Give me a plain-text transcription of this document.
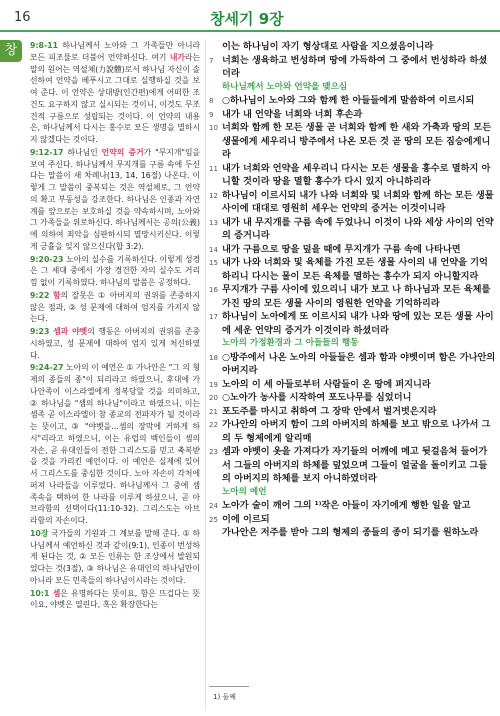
16	창세기 9장
창	9:8-11 하나님께서 노아와 그 가족들만 아니라 모든 피조물로 더불어 언약하신다. 여기 내가라는 말의 원어는 역설체(力說體)로서 하나님 자신이 솔선하여 언약을 베푸시고 그대로 실행하실 것을 보여 준다. 이 언약은 상대방(인간편)에게 어떠한 조건도 요구하지 않고 실시되는 것이니, 이것도 무조건적 구름으로 성립되는 것이다. 이 언약의 내용은, 하나님께서 다시는 홍수로 모든 생명을 멸하시지 않겠다는 것이다.

9:12-17 하나님인 언약의 증거가 "무지개"임을 보여 주신다. 하나님께서 무지개를 구름 속에 두신다는 말씀이 새 차례나(13, 14, 16절) 나온다. 이렇게 그 말씀이 중복되는 것은 역설체로, 그 언약의 확고 부동성을 강조한다. 하나님은 인종과 자연계를 앞으로는 보호하실 것을 약속하시며, 노아와 그 가족들을 위로하신다. 하나님께서는 공의(公義)에 의하여 죄악을 심판하시되 멸망시키신다. 이렇게 긍휼을 잊지 않으신다(합 3:2).

9:20-23 노아의 실수를 기록하신다. 이렇게 성경은 그 세대 중에서 가장 경건한 자의 실수도 거리낌 없이 기록하였다. 하나님의 말씀은 공정하다.

9:22 함의 잘못은 ① 아버지의 권위를 존중하지 않은 점과, ② 성 문제에 대하여 엄지를 가지지 않는다.

9:23 셈과 야벳의 행동은 아버지의 권위를 존중시하였고, 성 문제에 대하여 엄지 있게 처신하였다.

9:24-27 노아의 이 예언은 ① 가나안은 "그 의 형제의 종들의 종"이 되리라고 하였으니, 후대에 가나안족이 이스라엘에게 정복당할 것을 의미하고, ② 하나님을 "셈의 하나님"이라고 하였으니, 이는 셈족 곧 이스라엘이 참 종교의 전파자가 될 것이라는 뜻이고, ③ "야벳을…셈의 장막에 거하게 하시"리라고 하였으니, 이는 유럽의 백인들이 셈의 자손, 곧 유대인들이 전한 그리스도를 믿고 축복받을 것을 가리킨 예언이다. 이 예언은 실제에 있어서 그리스도를 중심한 것이다. 노아 자손이 각처에 퍼져 나라들을 이루었다. 하나님께서 그 중에 셈 족속을 택하여 한 나라를 이루게 하셨으니, 곧 아브라함의 선택이다(11:10-32). 그리스도는 아브라함의 자손이다.

10장 국가들의 기원과 그 계보를 말해 준다. ① 하나님께서 예언하신 것과 같이(9:1), 인종이 번성하게 된다는 것, ② 모든 인류는 한 조상에서 발원되었다는 것(3절), ③ 하나님은 유대인의 하나님만이 아니라 모든 민족들의 하나님이시라는 것이다.

10:1 셈은 유명하다는 뜻이요, 함은 뜨겁다는 뜻이요, 야벳은 열린다, 혹은 확장한다는

이는 하나님이 자기 형상대로 사람을 지으셨음이니라
7 너희는 생육하고 번성하며 땅에 가득하여 그 중에서 번성하라 하셨더라
하나님께서 노아와 언약을 맺으심
8 ○하나님이 노아와 그와 함께 한 아들들에게 말씀하여 이르시되
9 내가 내 언약을 너희와 너희 후손과
10 너희와 함께 한 모든 생물 곧 너희와 함께 한 새와 가축과 땅의 모든 생물에게 세우리니 방주에서 나온 모든 것 곧 땅의 모든 짐승에게니라
11 내가 너희와 언약을 세우리니 다시는 모든 생물을 홍수로 멸하지 아니할 것이라 땅을 멸할 홍수가 다시 있지 아니하리라
12 하나님이 이르시되 내가 나와 너희와 및 너희와 함께 하는 모든 생물 사이에 대대로 영원히 세우는 언약의 증거는 이것이니라
13 내가 내 무지개를 구름 속에 두었나니 이것이 나와 세상 사이의 언약의 증거니라
14 내가 구름으로 땅을 덮을 때에 무지개가 구름 속에 나타나면
15 내가 나와 너희와 및 육체를 가진 모든 생물 사이의 내 언약을 기억하리니 다시는 물이 모든 육체를 멸하는 홍수가 되지 아니할지라
16 무지개가 구름 사이에 있으리니 내가 보고 나 하나님과 모든 육체를 가진 땅의 모든 생물 사이의 영원한 언약을 기억하리라
17 하나님이 노아에게 또 이르시되 내가 나와 땅에 있는 모든 생물 사이에 세운 언약의 증거가 이것이라 하셨더라
노아의 가정환경과 그 아들들의 행동
18 ○방주에서 나온 노아의 아들들은 셈과 함과 야벳이며 함은 가나안의 아버지라
19 노아의 이 세 아들로부터 사람들이 온 땅에 퍼지니라
20 ○노아가 농사를 시작하여 포도나무를 심었더니
21 포도주를 마시고 취하여 그 장막 안에서 벌거벗은지라
22 가나안의 아버지 함이 그의 아버지의 하체를 보고 밖으로 나가서 그의 두 형제에게 알리매
23 셈과 야벳이 옷을 가져다가 자기들의 어깨에 메고 뒷걸음쳐 들어가서 그들의 아버지의 하체를 덮었으며 그들이 얼굴을 돌이키고 그들의 아버지의 하체를 보지 아니하였더라
노아의 예언
24 노아가 술이 깨어 그의 ¹⁾작은 아들이 자기에게 행한 일을 알고
25 이에 이르되
가나안은 저주를 받아 그의 형제의 종들의 종이 되기를 원하노라
1) 둘째
